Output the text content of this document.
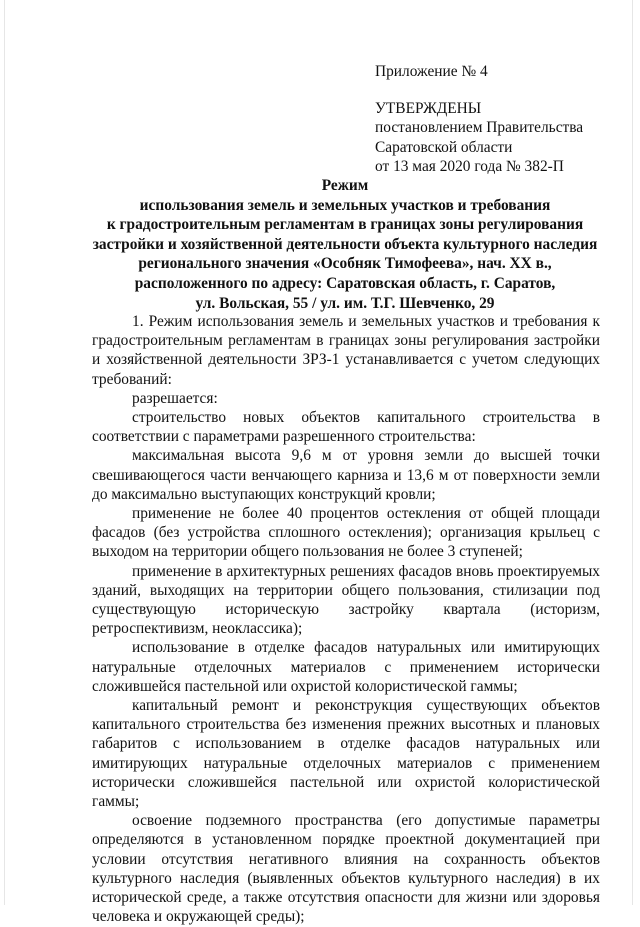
Приложение № 4
УТВЕРЖДЕНЫ
постановлением Правительства
Саратовской области
от 13 мая 2020 года № 382-П
Режим
использования земель и земельных участков и требования
к градостроительным регламентам в границах зоны регулирования
застройки и хозяйственной деятельности объекта культурного наследия
регионального значения «Особняк Тимофеева», нач. XX в.,
расположенного по адресу: Саратовская область, г. Саратов,
ул. Вольская, 55 / ул. им. Т.Г. Шевченко, 29

1. Режим использования земель и земельных участков и требования к градостроительным регламентам в границах зоны регулирования застройки и хозяйственной деятельности ЗРЗ-1 устанавливается с учетом следующих требований:

разрешается:

строительство новых объектов капитального строительства в соответствии с параметрами разрешенного строительства:

максимальная высота 9,6 м от уровня земли до высшей точки свешивающегося части венчающего карниза и 13,6 м от поверхности земли до максимально выступающих конструкций кровли;

применение не более 40 процентов остекления от общей площади фасадов (без устройства сплошного остекления); организация крыльец с выходом на территории общего пользования не более 3 ступеней;

применение в архитектурных решениях фасадов вновь проектируемых зданий, выходящих на территории общего пользования, стилизации под существующую историческую застройку квартала (историзм, ретроспективизм, неоклассика);

использование в отделке фасадов натуральных или имитирующих натуральные отделочных материалов с применением исторически сложившейся пастельной или охристой колористической гаммы;

капитальный ремонт и реконструкция существующих объектов капитального строительства без изменения прежних высотных и плановых габаритов с использованием в отделке фасадов натуральных или имитирующих натуральные отделочных материалов с применением исторически сложившейся пастельной или охристой колористической гаммы;

освоение подземного пространства (его допустимые параметры определяются в установленном порядке проектной документацией при условии отсутствия негативного влияния на сохранность объектов культурного наследия (выявленных объектов культурного наследия) в их исторической среде, а также отсутствия опасности для жизни или здоровья человека и окружающей среды);
